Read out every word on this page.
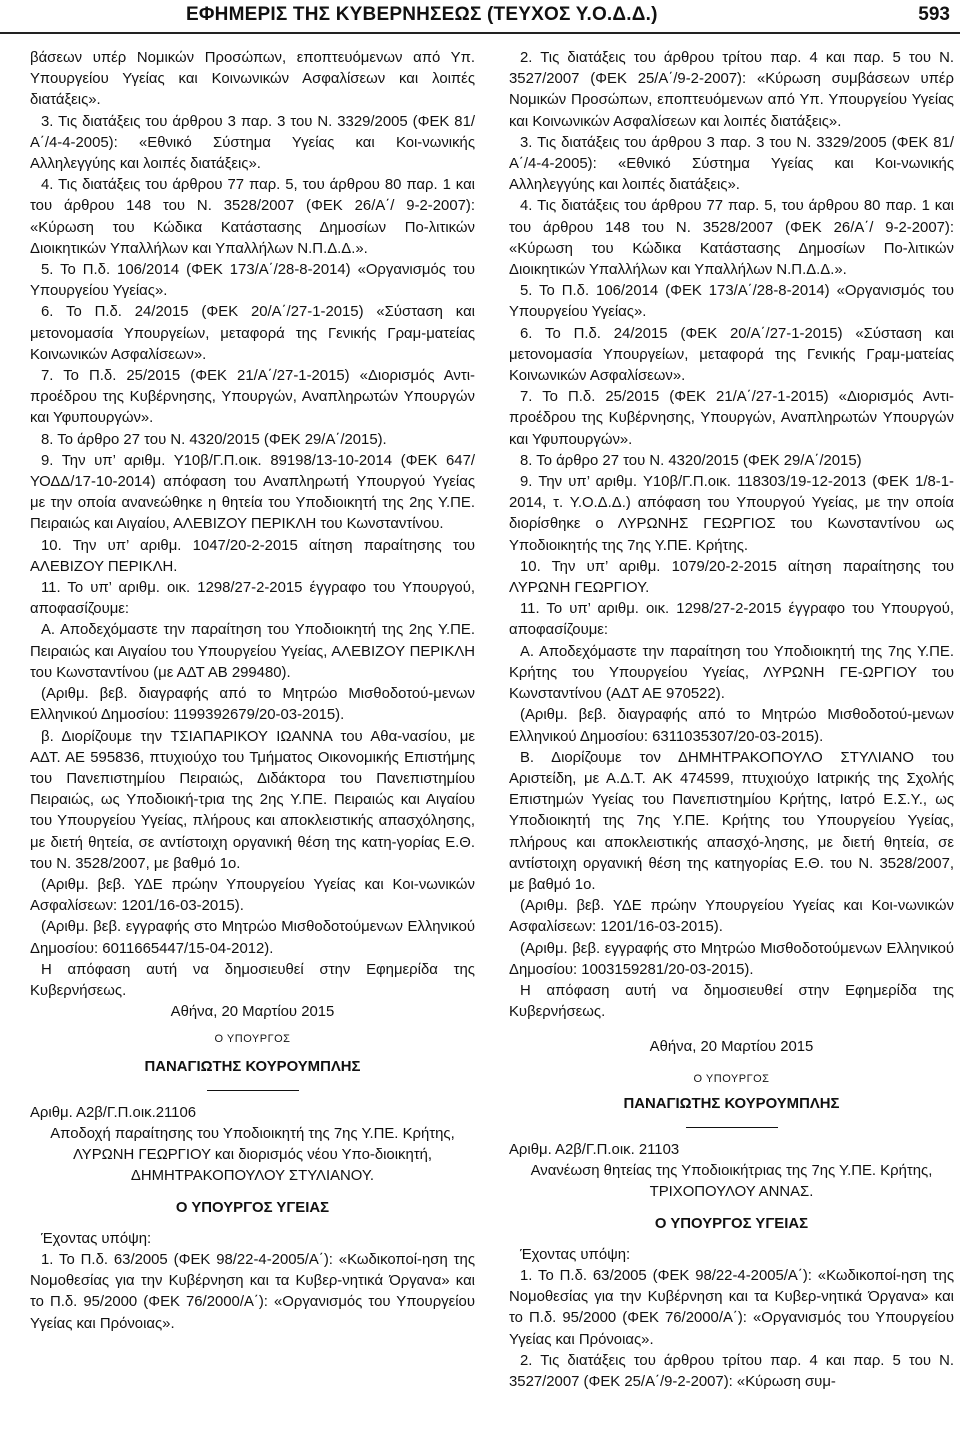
ΕΦΗΜΕΡΙΣ ΤΗΣ ΚΥΒΕΡΝΗΣΕΩΣ (ΤΕΥΧΟΣ Υ.Ο.Δ.Δ.)	593

βάσεων υπέρ Νομικών Προσώπων, εποπτευόμενων από Υπ. Υπουργείου Υγείας και Κοινωνικών Ασφαλίσεων και λοιπές διατάξεις».

3. Τις διατάξεις του άρθρου 3 παρ. 3 του Ν. 3329/2005 (ΦΕΚ 81/Α΄/4-4-2005): «Εθνικό Σύστημα Υγείας και Κοι-νωνικής Αλληλεγγύης και λοιπές διατάξεις».

4. Τις διατάξεις του άρθρου 77 παρ. 5, του άρθρου 80 παρ. 1 και του άρθρου 148 του Ν. 3528/2007 (ΦΕΚ 26/Α΄/ 9-2-2007): «Κύρωση του Κώδικα Κατάστασης Δημοσίων Πο-λιτικών Διοικητικών Υπαλλήλων και Υπαλλήλων Ν.Π.Δ.Δ.».

5. Το Π.δ. 106/2014 (ΦΕΚ 173/Α΄/28-8-2014) «Οργανισμός του Υπουργείου Υγείας».

6. Το Π.δ. 24/2015 (ΦΕΚ 20/Α΄/27-1-2015) «Σύσταση και μετονομασία Υπουργείων, μεταφορά της Γενικής Γραμ-ματείας Κοινωνικών Ασφαλίσεων».

7. Το Π.δ. 25/2015 (ΦΕΚ 21/Α΄/27-1-2015) «Διορισμός Αντι-προέδρου της Κυβέρνησης, Υπουργών, Αναπληρωτών Υπουργών και Υφυπουργών».

8. Το άρθρο 27 του Ν. 4320/2015 (ΦΕΚ 29/Α΄/2015).

9. Την υπ’ αριθμ. Υ10β/Γ.Π.οικ. 89198/13-10-2014 (ΦΕΚ 647/ΥΟΔΔ/17-10-2014) απόφαση του Αναπληρωτή Υπουργού Υγείας με την οποία ανανεώθηκε η θητεία του Υποδιοικητή της 2ης Υ.ΠΕ. Πειραιώς και Αιγαίου, ΑΛΕΒΙΖΟΥ ΠΕΡΙΚΛΗ του Κωνσταντίνου.

10. Την υπ’ αριθμ. 1047/20-2-2015 αίτηση παραίτησης του ΑΛΕΒΙΖΟΥ ΠΕΡΙΚΛΗ.

11. Το υπ’ αριθμ. οικ. 1298/27-2-2015 έγγραφο του Υπουργού, αποφασίζουμε:

Α. Αποδεχόμαστε την παραίτηση του Υποδιοικητή της 2ης Υ.ΠΕ. Πειραιώς και Αιγαίου του Υπουργείου Υγείας, ΑΛΕΒΙΖΟΥ ΠΕΡΙΚΛΗ του Κωνσταντίνου (με ΑΔΤ ΑΒ 299480).

(Αριθμ. βεβ. διαγραφής από το Μητρώο Μισθοδοτού-μενων Ελληνικού Δημοσίου: 1199392679/20-03-2015).

β. Διορίζουμε την ΤΣΙΑΠΑΡΙΚΟΥ ΙΩΑΝΝΑ του Αθα-νασίου, με ΑΔΤ. ΑΕ 595836, πτυχιούχο του Τμήματος Οικονομικής Επιστήμης του Πανεπιστημίου Πειραιώς, Διδάκτορα του Πανεπιστημίου Πειραιώς, ως Υποδιοική-τρια της 2ης Υ.ΠΕ. Πειραιώς και Αιγαίου του Υπουργείου Υγείας, πλήρους και αποκλειστικής απασχόλησης, με διετή θητεία, σε αντίστοιχη οργανική θέση της κατη-γορίας Ε.Θ. του Ν. 3528/2007, με βαθμό 1ο.

(Αριθμ. βεβ. ΥΔΕ πρώην Υπουργείου Υγείας και Κοι-νωνικών Ασφαλίσεων: 1201/16-03-2015).

(Αριθμ. βεβ. εγγραφής στο Μητρώο Μισθοδοτούμενων Ελληνικού Δημοσίου: 6011665447/15-04-2012).

Η απόφαση αυτή να δημοσιευθεί στην Εφημερίδα της Κυβερνήσεως.

Αθήνα, 20 Μαρτίου 2015

Ο ΥΠΟΥΡΓΟΣ

ΠΑΝΑΓΙΩΤΗΣ ΚΟΥΡΟΥΜΠΛΗΣ

Αριθμ. Α2β/Γ.Π.οικ.21106

Αποδοχή παραίτησης του Υποδιοικητή της 7ης Υ.ΠΕ. Κρήτης, ΛΥΡΩΝΗ ΓΕΩΡΓΙΟΥ και διορισμός νέου Υπο-διοικητή, ΔΗΜΗΤΡΑΚΟΠΟΥΛΟΥ ΣΤΥΛΙΑΝΟΥ.

Ο ΥΠΟΥΡΓΟΣ ΥΓΕΙΑΣ

Έχοντας υπόψη:

1. Το Π.δ. 63/2005 (ΦΕΚ 98/22-4-2005/Α΄): «Κωδικοποί-ηση της Νομοθεσίας για την Κυβέρνηση και τα Κυβερ-νητικά Όργανα» και το Π.δ. 95/2000 (ΦΕΚ 76/2000/Α΄): «Οργανισμός του Υπουργείου Υγείας και Πρόνοιας».

2. Τις διατάξεις του άρθρου τρίτου παρ. 4 και παρ. 5 του Ν. 3527/2007 (ΦΕΚ 25/Α΄/9-2-2007): «Κύρωση συμβάσεων υπέρ Νομικών Προσώπων, εποπτευόμενων από Υπ. Υπουργείου Υγείας και Κοινωνικών Ασφαλίσεων και λοιπές διατάξεις».

3. Τις διατάξεις του άρθρου 3 παρ. 3 του Ν. 3329/2005 (ΦΕΚ 81/Α΄/4-4-2005): «Εθνικό Σύστημα Υγείας και Κοι-νωνικής Αλληλεγγύης και λοιπές διατάξεις».

4. Τις διατάξεις του άρθρου 77 παρ. 5, του άρθρου 80 παρ. 1 και του άρθρου 148 του Ν. 3528/2007 (ΦΕΚ 26/Α΄/ 9-2-2007): «Κύρωση του Κώδικα Κατάστασης Δημοσίων Πο-λιτικών Διοικητικών Υπαλλήλων και Υπαλλήλων Ν.Π.Δ.Δ.».

5. Το Π.δ. 106/2014 (ΦΕΚ 173/Α΄/28-8-2014) «Οργανισμός του Υπουργείου Υγείας».

6. Το Π.δ. 24/2015 (ΦΕΚ 20/Α΄/27-1-2015) «Σύσταση και μετονομασία Υπουργείων, μεταφορά της Γενικής Γραμ-ματείας Κοινωνικών Ασφαλίσεων».

7. Το Π.δ. 25/2015 (ΦΕΚ 21/Α΄/27-1-2015) «Διορισμός Αντι-προέδρου της Κυβέρνησης, Υπουργών, Αναπληρωτών Υπουργών και Υφυπουργών».

8. Το άρθρο 27 του Ν. 4320/2015 (ΦΕΚ 29/Α΄/2015)

9. Την υπ’ αριθμ. Υ10β/Γ.Π.οικ. 118303/19-12-2013 (ΦΕΚ 1/8-1-2014, τ. Υ.Ο.Δ.Δ.) απόφαση του Υπουργού Υγείας, με την οποία διορίσθηκε ο ΛΥΡΩΝΗΣ ΓΕΩΡΓΙΟΣ του Κωνσταντίνου ως Υποδιοικητής της 7ης Υ.ΠΕ. Κρήτης.

10. Την υπ’ αριθμ. 1079/20-2-2015 αίτηση παραίτησης του ΛΥΡΩΝΗ ΓΕΩΡΓΙΟΥ.

11. Το υπ’ αριθμ. οικ. 1298/27-2-2015 έγγραφο του Υπουργού, αποφασίζουμε:

Α. Αποδεχόμαστε την παραίτηση του Υποδιοικητή της 7ης Υ.ΠΕ. Κρήτης του Υπουργείου Υγείας, ΛΥΡΩΝΗ ΓΕ-ΩΡΓΙΟΥ του Κωνσταντίνου (ΑΔΤ ΑΕ 970522).

(Αριθμ. βεβ. διαγραφής από το Μητρώο Μισθοδοτού-μενων Ελληνικού Δημοσίου: 6311035307/20-03-2015).

Β. Διορίζουμε τον ΔΗΜΗΤΡΑΚΟΠΟΥΛΟ ΣΤΥΛΙΑΝΟ του Αριστείδη, με Α.Δ.Τ. ΑΚ 474599, πτυχιούχο Ιατρικής της Σχολής Επιστημών Υγείας του Πανεπιστημίου Κρήτης, Ιατρό Ε.Σ.Υ., ως Υποδιοικητή της 7ης Υ.ΠΕ. Κρήτης του Υπουργείου Υγείας, πλήρους και αποκλειστικής απασχό-λησης, με διετή θητεία, σε αντίστοιχη οργανική θέση της κατηγορίας Ε.Θ. του Ν. 3528/2007, με βαθμό 1ο.

(Αριθμ. βεβ. ΥΔΕ πρώην Υπουργείου Υγείας και Κοι-νωνικών Ασφαλίσεων: 1201/16-03-2015).

(Αριθμ. βεβ. εγγραφής στο Μητρώο Μισθοδοτούμενων Ελληνικού Δημοσίου: 1003159281/20-03-2015).

Η απόφαση αυτή να δημοσιευθεί στην Εφημερίδα της Κυβερνήσεως.

Αθήνα, 20 Μαρτίου 2015

Ο ΥΠΟΥΡΓΟΣ

ΠΑΝΑΓΙΩΤΗΣ ΚΟΥΡΟΥΜΠΛΗΣ

Αριθμ. Α2β/Γ.Π.οικ. 21103

Ανανέωση θητείας της Υποδιοικήτριας της 7ης Υ.ΠΕ. Κρήτης, ΤΡΙΧΟΠΟΥΛΟΥ ΑΝΝΑΣ.

Ο ΥΠΟΥΡΓΟΣ ΥΓΕΙΑΣ

Έχοντας υπόψη:

1. Το Π.δ. 63/2005 (ΦΕΚ 98/22-4-2005/Α΄): «Κωδικοποί-ηση της Νομοθεσίας για την Κυβέρνηση και τα Κυβερ-νητικά Όργανα» και το Π.δ. 95/2000 (ΦΕΚ 76/2000/Α΄): «Οργανισμός του Υπουργείου Υγείας και Πρόνοιας».

2. Τις διατάξεις του άρθρου τρίτου παρ. 4 και παρ. 5 του Ν. 3527/2007 (ΦΕΚ 25/Α΄/9-2-2007): «Κύρωση συμ-
